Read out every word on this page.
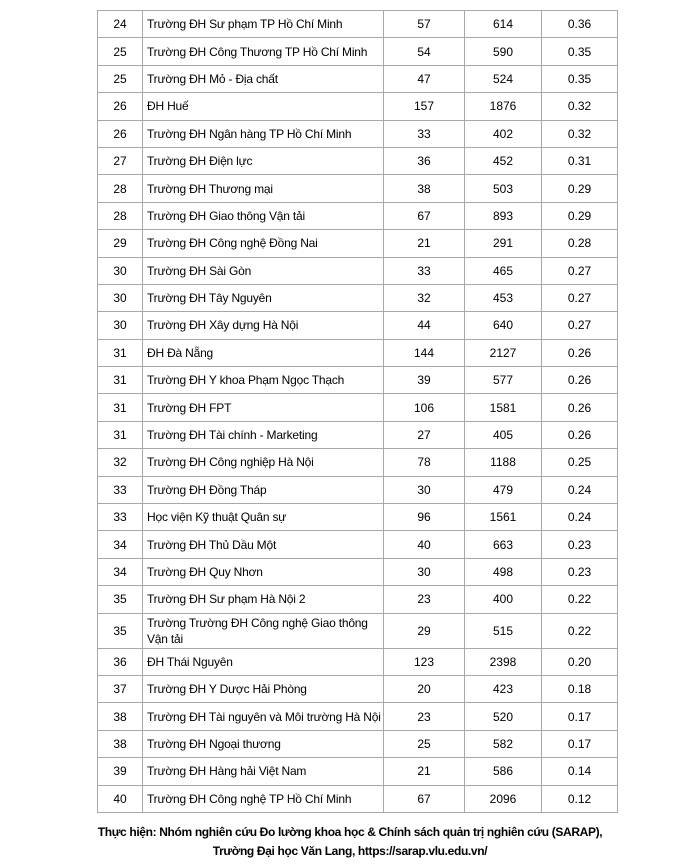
24	Trường ĐH Sư phạm TP Hồ Chí Minh	57	614	0.36
25	Trường ĐH Công Thương TP Hồ Chí Minh	54	590	0.35
25	Trường ĐH Mỏ - Địa chất	47	524	0.35
26	ĐH Huế	157	1876	0.32
26	Trường ĐH Ngân hàng TP Hồ Chí Minh	33	402	0.32
27	Trường ĐH Điện lực	36	452	0.31
28	Trường ĐH Thương mại	38	503	0.29
28	Trường ĐH Giao thông Vận tải	67	893	0.29
29	Trường ĐH Công nghệ Đồng Nai	21	291	0.28
30	Trường ĐH Sài Gòn	33	465	0.27
30	Trường ĐH Tây Nguyên	32	453	0.27
30	Trường ĐH Xây dựng Hà Nội	44	640	0.27
31	ĐH Đà Nẵng	144	2127	0.26
31	Trường ĐH Y khoa Phạm Ngọc Thạch	39	577	0.26
31	Trường ĐH FPT	106	1581	0.26
31	Trường ĐH Tài chính - Marketing	27	405	0.26
32	Trường ĐH Công nghiệp Hà Nội	78	1188	0.25
33	Trường ĐH Đồng Tháp	30	479	0.24
33	Học viện Kỹ thuật Quân sự	96	1561	0.24
34	Trường ĐH Thủ Dầu Một	40	663	0.23
34	Trường ĐH Quy Nhơn	30	498	0.23
35	Trường ĐH Sư phạm Hà Nội 2	23	400	0.22
35	Trường Trường ĐH Công nghệ Giao thông Vận tải	29	515	0.22
36	ĐH Thái Nguyên	123	2398	0.20
37	Trường ĐH Y Dược Hải Phòng	20	423	0.18
38	Trường ĐH Tài nguyên và Môi trường Hà Nội	23	520	0.17
38	Trường ĐH Ngoại thương	25	582	0.17
39	Trường ĐH Hàng hải Việt Nam	21	586	0.14
40	Trường ĐH Công nghệ TP Hồ Chí Minh	67	2096	0.12
Thực hiện: Nhóm nghiên cứu Đo lường khoa học & Chính sách quản trị nghiên cứu (SARAP),
Trường Đại học Văn Lang, https://sarap.vlu.edu.vn/
